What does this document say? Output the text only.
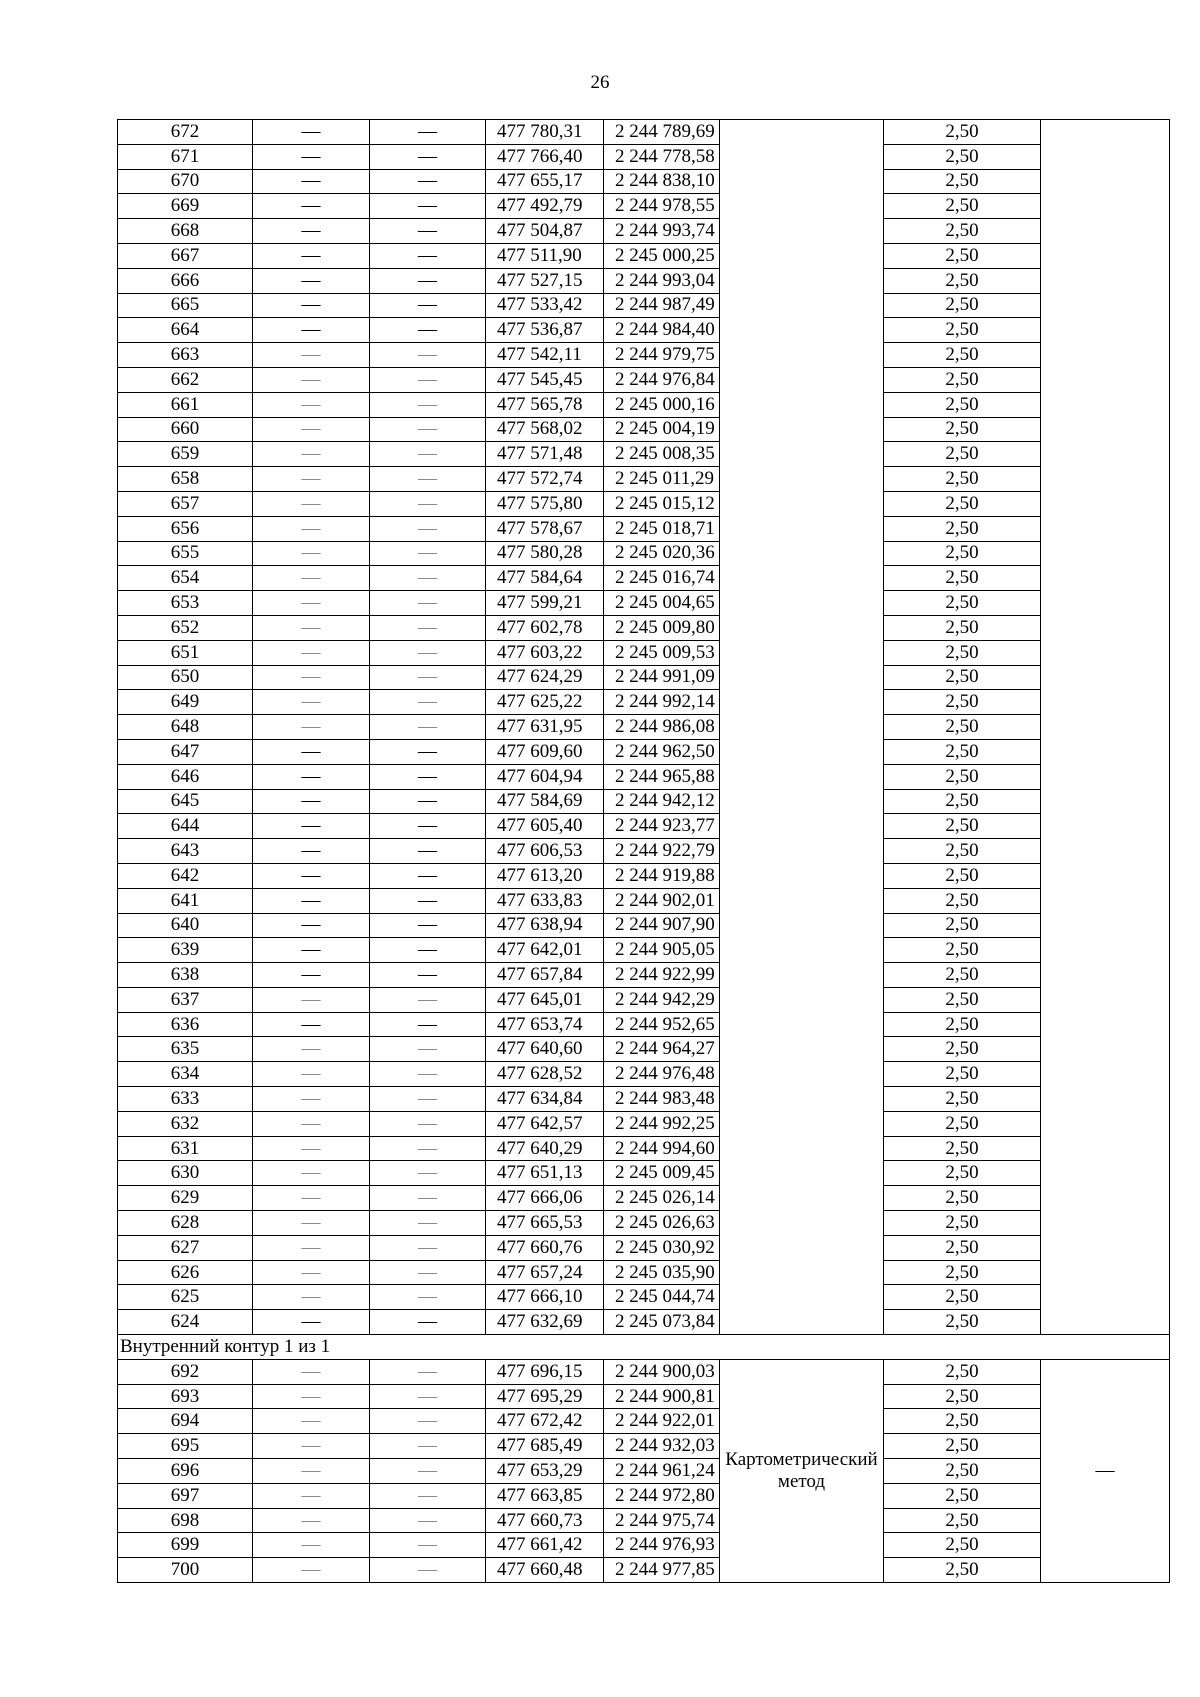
26
672	—	—	477 780,31	2 244 789,69		2,50	
671	—	—	477 766,40	2 244 778,58		2,50	
670	—	—	477 655,17	2 244 838,10		2,50	
669	—	—	477 492,79	2 244 978,55		2,50	
668	—	—	477 504,87	2 244 993,74		2,50	
667	—	—	477 511,90	2 245 000,25		2,50	
666	—	—	477 527,15	2 244 993,04		2,50	
665	—	—	477 533,42	2 244 987,49		2,50	
664	—	—	477 536,87	2 244 984,40		2,50	
663	—	—	477 542,11	2 244 979,75		2,50	
662	—	—	477 545,45	2 244 976,84		2,50	
661	—	—	477 565,78	2 245 000,16		2,50	
660	—	—	477 568,02	2 245 004,19		2,50	
659	—	—	477 571,48	2 245 008,35		2,50	
658	—	—	477 572,74	2 245 011,29		2,50	
657	—	—	477 575,80	2 245 015,12		2,50	
656	—	—	477 578,67	2 245 018,71		2,50	
655	—	—	477 580,28	2 245 020,36		2,50	
654	—	—	477 584,64	2 245 016,74		2,50	
653	—	—	477 599,21	2 245 004,65		2,50	
652	—	—	477 602,78	2 245 009,80		2,50	
651	—	—	477 603,22	2 245 009,53		2,50	
650	—	—	477 624,29	2 244 991,09		2,50	
649	—	—	477 625,22	2 244 992,14		2,50	
648	—	—	477 631,95	2 244 986,08		2,50	
647	—	—	477 609,60	2 244 962,50		2,50	
646	—	—	477 604,94	2 244 965,88		2,50	
645	—	—	477 584,69	2 244 942,12		2,50	
644	—	—	477 605,40	2 244 923,77		2,50	
643	—	—	477 606,53	2 244 922,79		2,50	
642	—	—	477 613,20	2 244 919,88		2,50	
641	—	—	477 633,83	2 244 902,01		2,50	
640	—	—	477 638,94	2 244 907,90		2,50	
639	—	—	477 642,01	2 244 905,05		2,50	
638	—	—	477 657,84	2 244 922,99		2,50	
637	—	—	477 645,01	2 244 942,29		2,50	
636	—	—	477 653,74	2 244 952,65		2,50	
635	—	—	477 640,60	2 244 964,27		2,50	
634	—	—	477 628,52	2 244 976,48		2,50	
633	—	—	477 634,84	2 244 983,48		2,50	
632	—	—	477 642,57	2 244 992,25		2,50	
631	—	—	477 640,29	2 244 994,60		2,50	
630	—	—	477 651,13	2 245 009,45		2,50	
629	—	—	477 666,06	2 245 026,14		2,50	
628	—	—	477 665,53	2 245 026,63		2,50	
627	—	—	477 660,76	2 245 030,92		2,50	
626	—	—	477 657,24	2 245 035,90		2,50	
625	—	—	477 666,10	2 245 044,74		2,50	
624	—	—	477 632,69	2 245 073,84		2,50	
Внутренний контур 1 из 1							
692	—	—	477 696,15	2 244 900,03	Картометрический метод	2,50	—
693	—	—	477 695,29	2 244 900,81		2,50	
694	—	—	477 672,42	2 244 922,01		2,50	
695	—	—	477 685,49	2 244 932,03		2,50	
696	—	—	477 653,29	2 244 961,24		2,50	
697	—	—	477 663,85	2 244 972,80		2,50	
698	—	—	477 660,73	2 244 975,74		2,50	
699	—	—	477 661,42	2 244 976,93		2,50	
700	—	—	477 660,48	2 244 977,85		2,50	
